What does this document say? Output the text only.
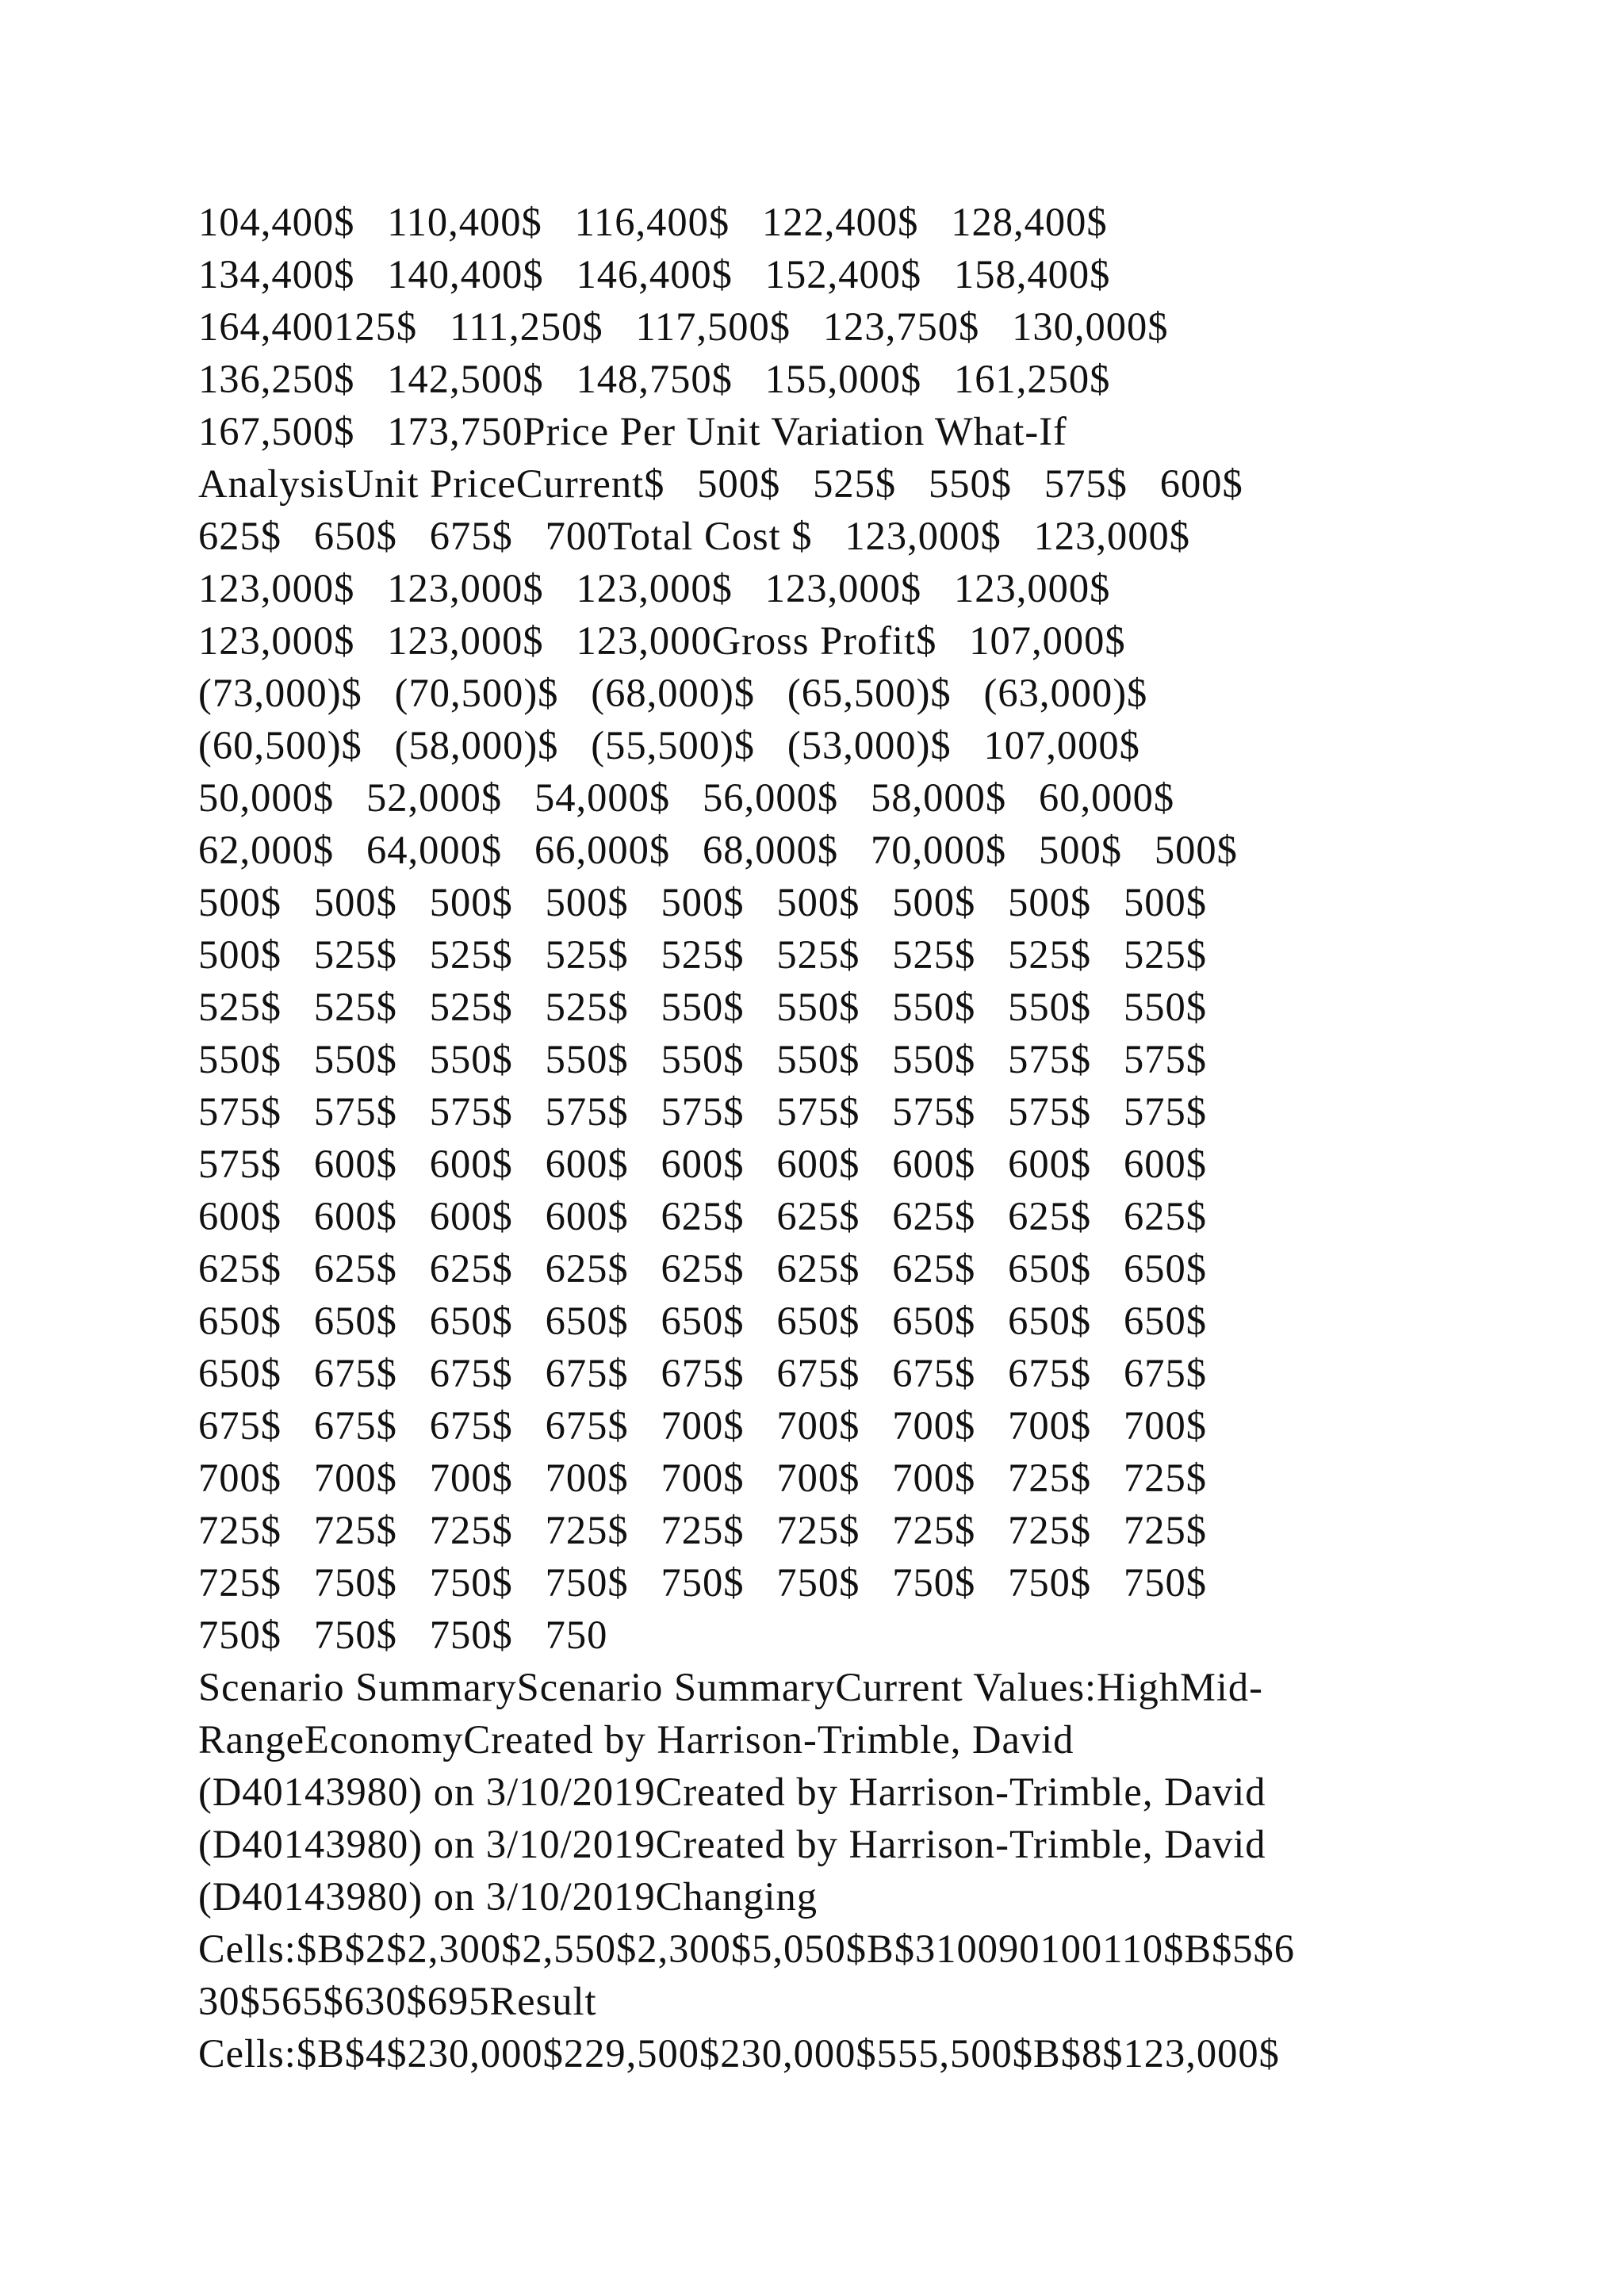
104,400$   110,400$   116,400$   122,400$   128,400$
134,400$   140,400$   146,400$   152,400$   158,400$
164,400125$   111,250$   117,500$   123,750$   130,000$
136,250$   142,500$   148,750$   155,000$   161,250$
167,500$   173,750Price Per Unit Variation What-If
AnalysisUnit PriceCurrent$   500$   525$   550$   575$   600$
625$   650$   675$   700Total Cost $   123,000$   123,000$
123,000$   123,000$   123,000$   123,000$   123,000$
123,000$   123,000$   123,000Gross Profit$   107,000$
(73,000)$   (70,500)$   (68,000)$   (65,500)$   (63,000)$
(60,500)$   (58,000)$   (55,500)$   (53,000)$   107,000$
50,000$   52,000$   54,000$   56,000$   58,000$   60,000$
62,000$   64,000$   66,000$   68,000$   70,000$   500$   500$
500$   500$   500$   500$   500$   500$   500$   500$   500$
500$   525$   525$   525$   525$   525$   525$   525$   525$
525$   525$   525$   525$   550$   550$   550$   550$   550$
550$   550$   550$   550$   550$   550$   550$   575$   575$
575$   575$   575$   575$   575$   575$   575$   575$   575$
575$   600$   600$   600$   600$   600$   600$   600$   600$
600$   600$   600$   600$   625$   625$   625$   625$   625$
625$   625$   625$   625$   625$   625$   625$   650$   650$
650$   650$   650$   650$   650$   650$   650$   650$   650$
650$   675$   675$   675$   675$   675$   675$   675$   675$
675$   675$   675$   675$   700$   700$   700$   700$   700$
700$   700$   700$   700$   700$   700$   700$   725$   725$
725$   725$   725$   725$   725$   725$   725$   725$   725$
725$   750$   750$   750$   750$   750$   750$   750$   750$
750$   750$   750$   750
Scenario SummaryScenario SummaryCurrent Values:HighMid-
RangeEconomyCreated by Harrison-Trimble, David
(D40143980) on 3/10/2019Created by Harrison-Trimble, David
(D40143980) on 3/10/2019Created by Harrison-Trimble, David
(D40143980) on 3/10/2019Changing
Cells:$B$2$2,300$2,550$2,300$5,050$B$310090100110$B$5$6
30$565$630$695Result
Cells:$B$4$230,000$229,500$230,000$555,500$B$8$123,000$
